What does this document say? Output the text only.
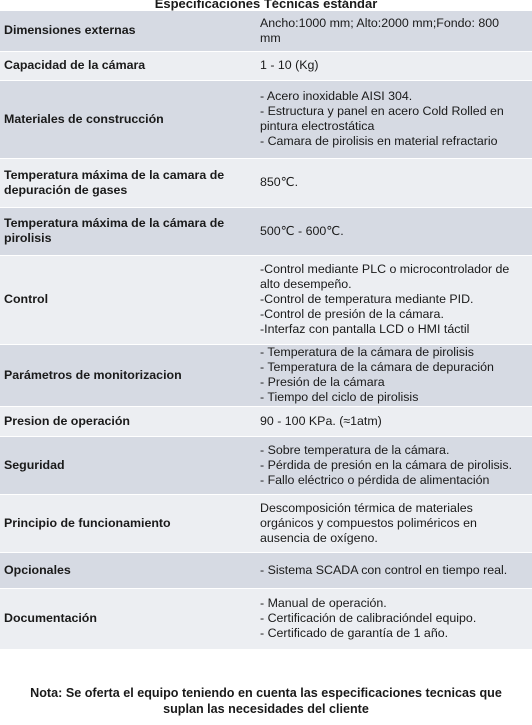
Especificaciones Técnicas estándar
Dimensiones externas	Ancho:1000 mm; Alto:2000 mm;Fondo: 800
mm

Capacidad de la cámara	1 - 10 (Kg)

Materiales de construcción	- Acero inoxidable AISI 304.
- Estructura y panel en acero Cold Rolled en
pintura electrostática
- Camara de pirolisis en material refractario

Temperatura máxima de la camara de depuración de gases	850℃.

Temperatura máxima de la cámara de pirolisis	500℃ - 600℃.

Control	-Control mediante PLC o microcontrolador de
alto desempeño.
-Control de temperatura mediante PID.
-Control de presión de la cámara.
-Interfaz con pantalla LCD o HMI táctil

Parámetros de monitorizacion	- Temperatura de la cámara de pirolisis
- Temperatura de la cámara de depuración
- Presión de la cámara
- Tiempo del ciclo de pirolisis

Presion de operación	90 - 100 KPa. (≈1atm)

Seguridad	- Sobre temperatura de la cámara.
- Pérdida de presión en la cámara de pirolisis.
- Fallo eléctrico o pérdida de alimentación

Principio de funcionamiento	Descomposición térmica de materiales
orgánicos y compuestos poliméricos en
ausencia de oxígeno.

Opcionales	- Sistema SCADA con control en tiempo real.

Documentación	- Manual de operación.
- Certificación de calibracióndel equipo.
- Certificado de garantía de 1 año.
Nota: Se oferta el equipo teniendo en cuenta las especificaciones tecnicas que
suplan las necesidades del cliente
